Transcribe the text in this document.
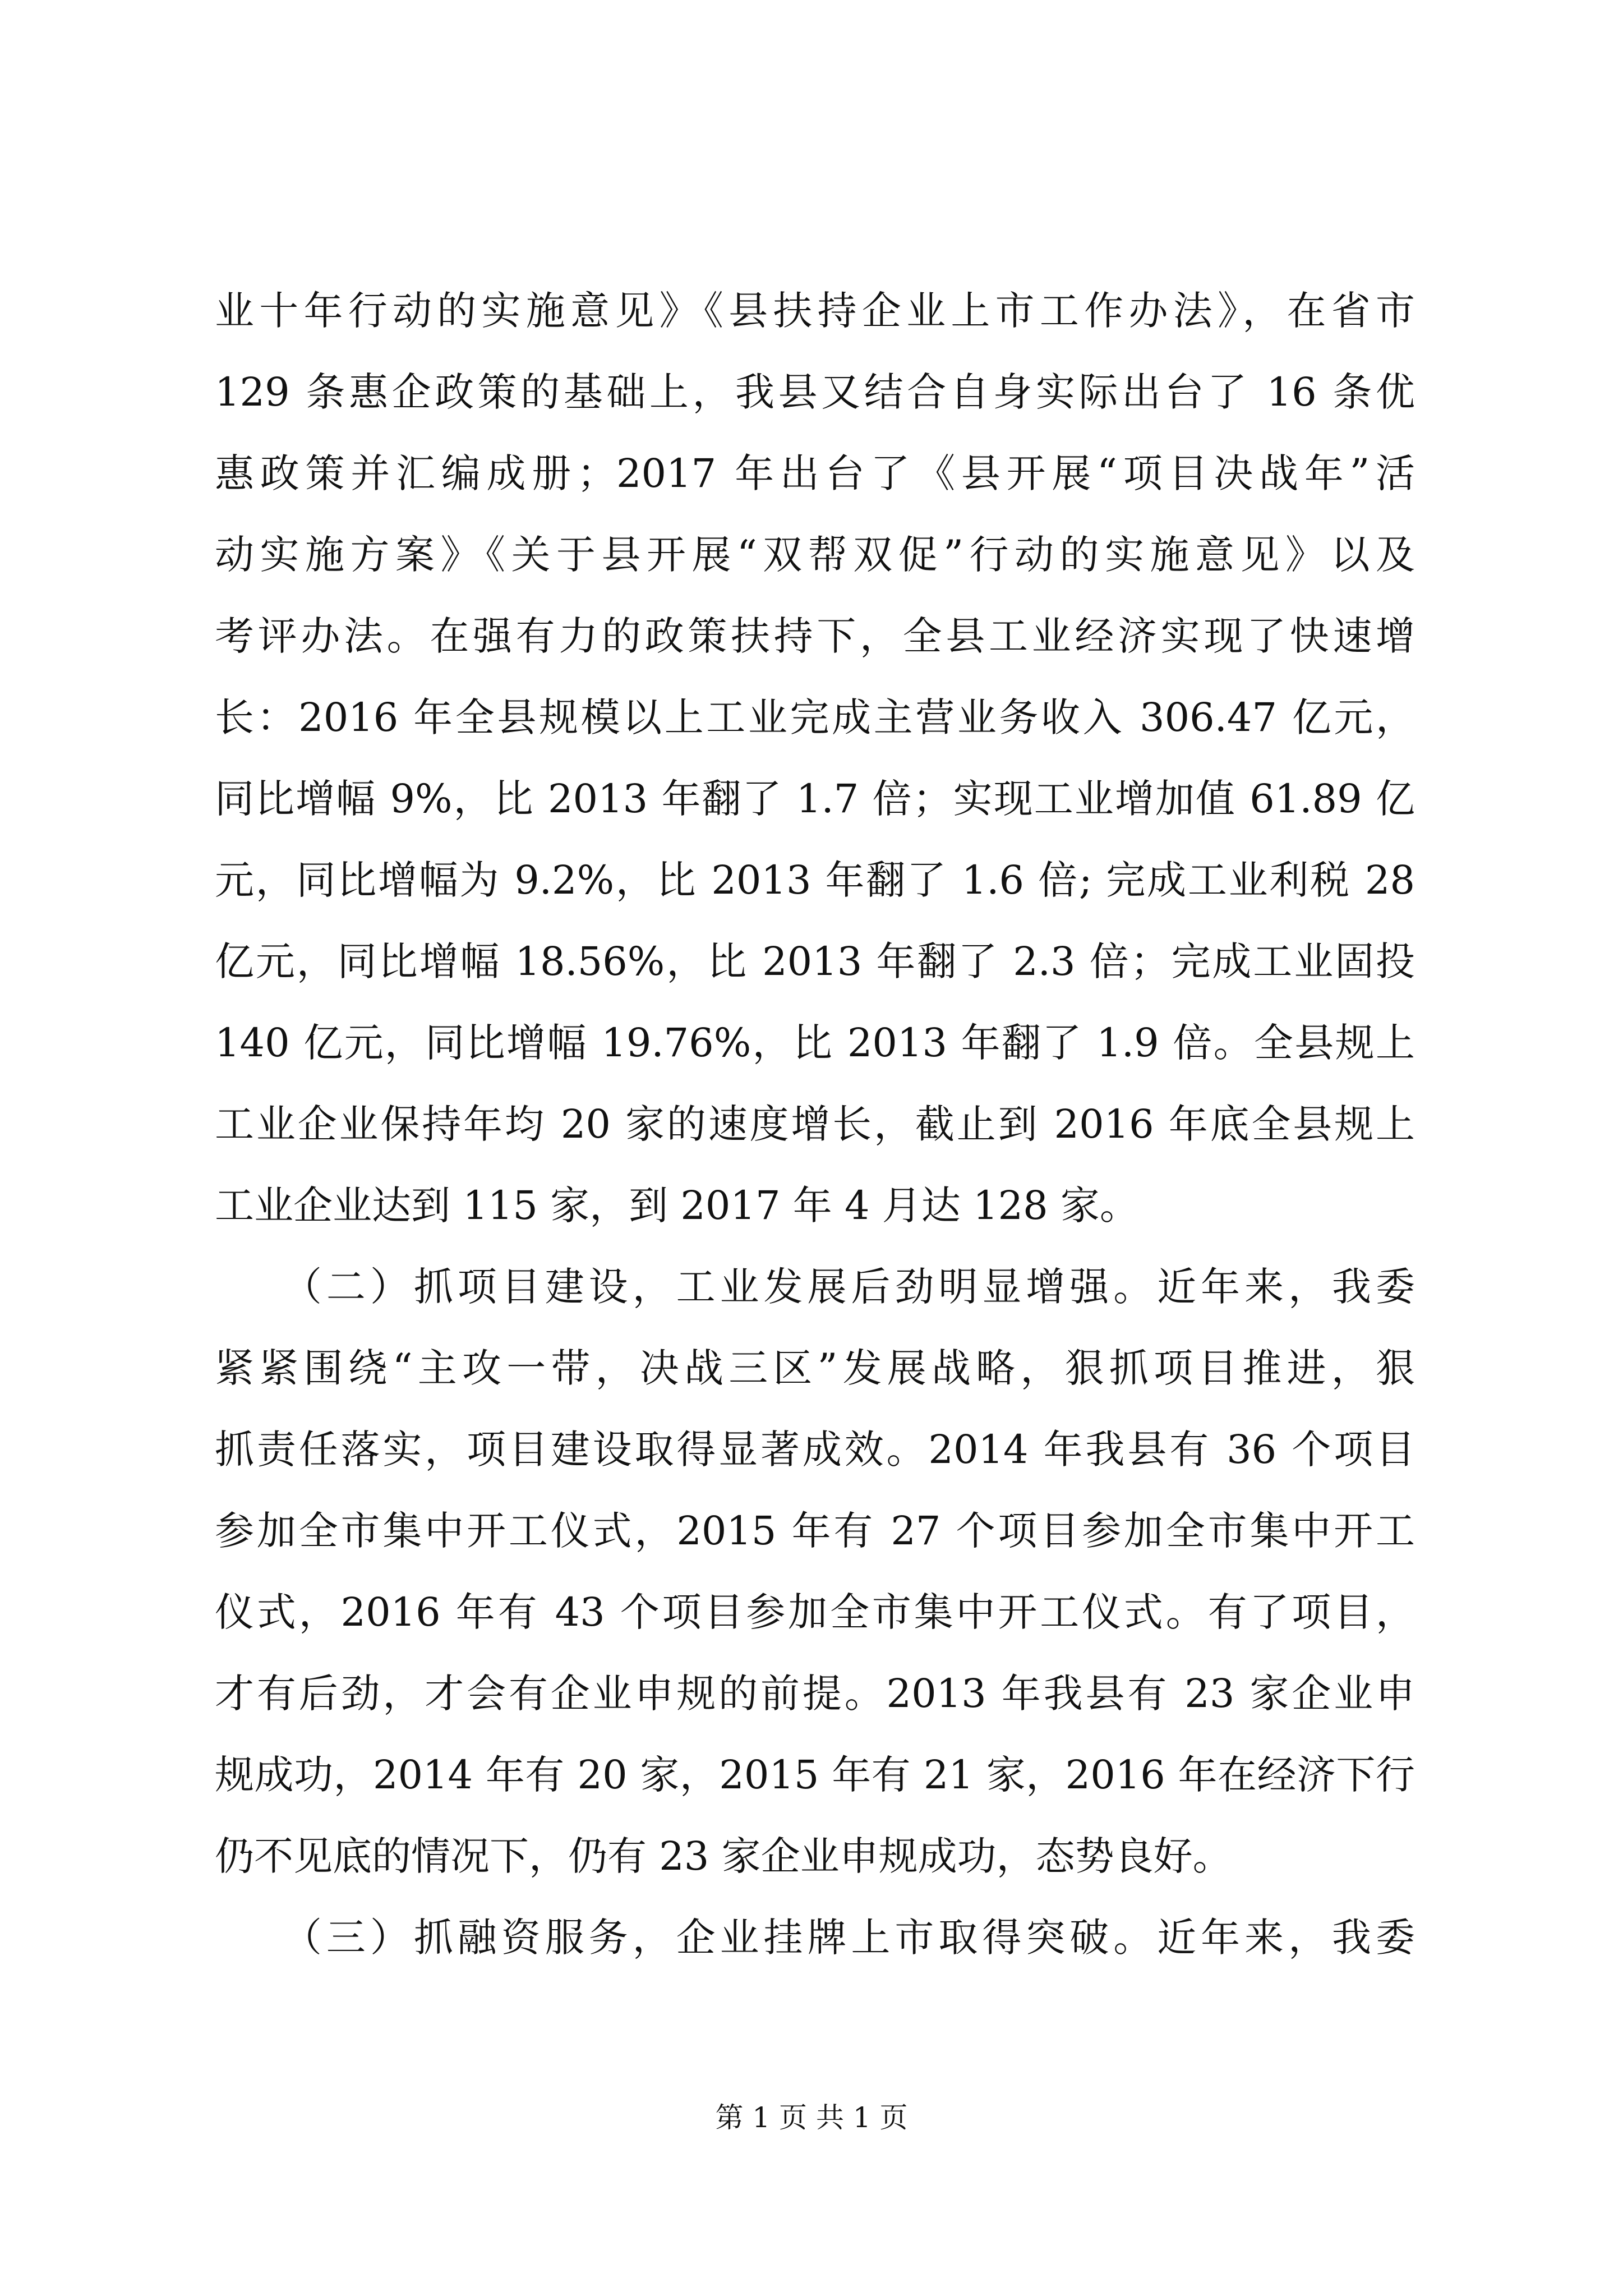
业十年行动的实施意见》《县扶持企业上市工作办法》，在省市
129 条惠企政策的基础上，我县又结合自身实际出台了 16 条优
惠政策并汇编成册；2017 年出台了《县开展“项目决战年”活
动实施方案》《关于县开展“双帮双促”行动的实施意见》以及
考评办法。在强有力的政策扶持下，全县工业经济实现了快速增
长：2016 年全县规模以上工业完成主营业务收入 306.47 亿元，
同比增幅 9%，比 2013 年翻了 1.7 倍；实现工业增加值 61.89 亿
元，同比增幅为 9.2%，比 2013 年翻了 1.6 倍; 完成工业利税 28
亿元，同比增幅 18.56%，比 2013 年翻了 2.3 倍；完成工业固投
140 亿元，同比增幅 19.76%，比 2013 年翻了 1.9 倍。全县规上
工业企业保持年均 20 家的速度增长，截止到 2016 年底全县规上
工业企业达到 115 家，到 2017 年 4 月达 128 家。
　　（二）抓项目建设，工业发展后劲明显增强。近年来，我委
紧紧围绕“主攻一带，决战三区”发展战略，狠抓项目推进，狠
抓责任落实，项目建设取得显著成效。2014 年我县有 36 个项目
参加全市集中开工仪式，2015 年有 27 个项目参加全市集中开工
仪式，2016 年有 43 个项目参加全市集中开工仪式。有了项目，
才有后劲，才会有企业申规的前提。2013 年我县有 23 家企业申
规成功，2014 年有 20 家，2015 年有 21 家，2016 年在经济下行
仍不见底的情况下，仍有 23 家企业申规成功，态势良好。
　　（三）抓融资服务，企业挂牌上市取得突破。近年来，我委

第 1 页 共 1 页
